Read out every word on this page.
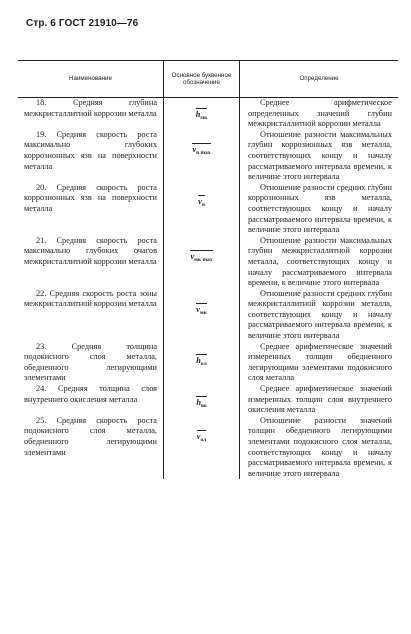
Стр. 6 ГОСТ 21910—76
Наименование	Основное буквенное обозначение	Определение
18. Средняя глубина межкристаллитной коррозии металла	$h_{мк}$	Среднее арифметическое определенных значений глубин межкристаллитной коррозии металла
19. Средняя скорость роста максимально глубоких коррозионных язв на поверхности металла	$v_{я max}$	Отношение разности максимальных глубин коррозионных язв металла, соответствующих концу и началу рассматриваемого интервала времени, к величине этого интервала
20. Средняя скорость роста коррозионных язв на поверхности металла	$v_я$	Отношение разности средних глубин коррозионных язв металла, соответствующих концу и началу рассматриваемого интервала времени, к величине этого интервала
21. Средняя скорость роста максимально глубоких очагов межкристаллитной коррозии металла	$v_{мк max}$	Отношение разности максимальных глубин межкристаллитной коррозии металла, соответствующих концу и началу рассматриваемого интервала времени, к величине этого интервала
22. Средняя скорость роста зоны межкристаллитной коррозии металла	$v_{мк}$	Отношение разности средних глубин межкристаллитной коррозии металла, соответствующих концу и началу рассматриваемого интервала времени, к величине этого интервала
23. Средняя толщина подокисного слоя металла, обедненного легирующими элементами	$h_{ол}$	Среднее арифметическое значений измеренных толщин обедненного легирующими элементами подокисного слоя металла
24. Средняя толщина слоя внутреннего окисления металла	$h_{во}$	Среднее арифметическое значений измеренных толщин слоя внутреннего окисления металла
25. Средняя скорость роста подокисного слоя металла, обедненного легирующими элементами	$v_{ол}$	Отношение разности значений толщин обедненного легирующими элементами подокисного слоя металла, соответствующих концу и началу рассматриваемого интервала времени, к величине этого интервала
